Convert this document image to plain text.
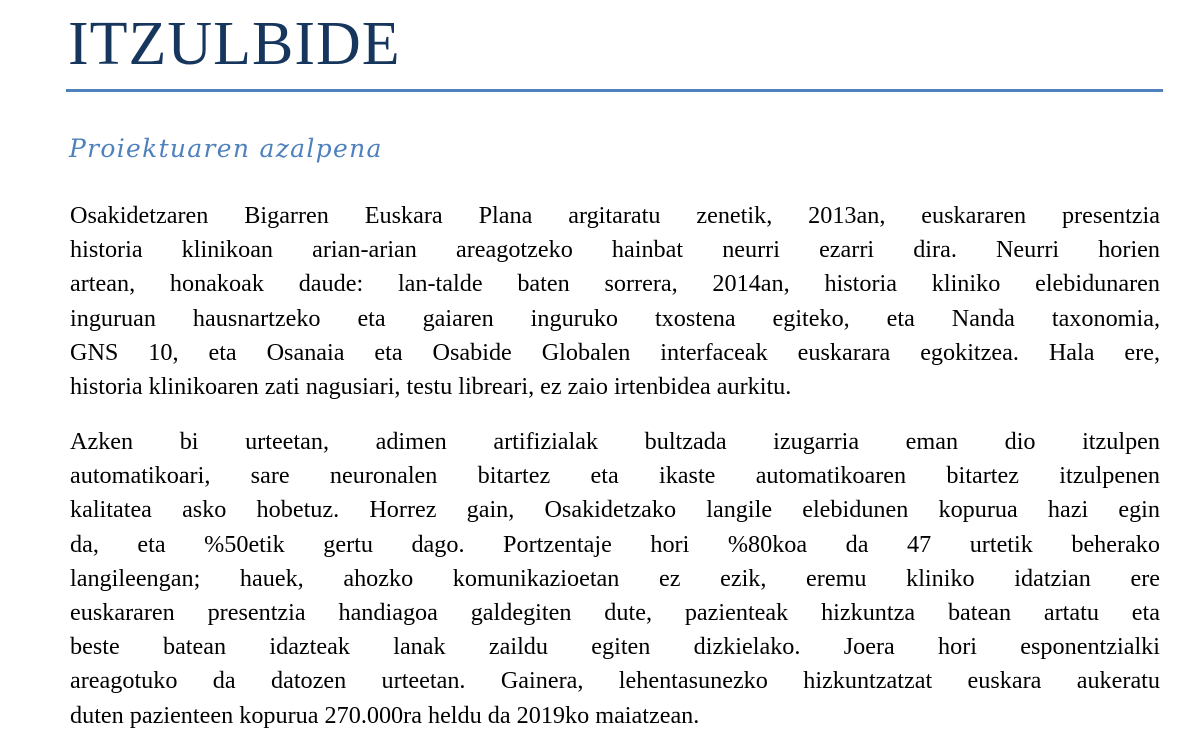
ITZULBIDE
Proiektuaren azalpena

Osakidetzaren Bigarren Euskara Plana argitaratu zenetik, 2013an, euskararen presentzia
historia klinikoan arian-arian areagotzeko hainbat neurri ezarri dira. Neurri horien
artean, honakoak daude: lan-talde baten sorrera, 2014an, historia kliniko elebidunaren
inguruan hausnartzeko eta gaiaren inguruko txostena egiteko, eta Nanda taxonomia,
GNS 10, eta Osanaia eta Osabide Globalen interfaceak euskarara egokitzea. Hala ere,
historia klinikoaren zati nagusiari, testu libreari, ez zaio irtenbidea aurkitu.

Azken bi urteetan, adimen artifizialak bultzada izugarria eman dio itzulpen
automatikoari, sare neuronalen bitartez eta ikaste automatikoaren bitartez itzulpenen
kalitatea asko hobetuz. Horrez gain, Osakidetzako langile elebidunen kopurua hazi egin
da, eta %50etik gertu dago. Portzentaje hori %80koa da 47 urtetik beherako
langileengan; hauek, ahozko komunikazioetan ez ezik, eremu kliniko idatzian ere
euskararen presentzia handiagoa galdegiten dute, pazienteak hizkuntza batean artatu eta
beste batean idazteak lanak zaildu egiten dizkielako. Joera hori esponentzialki
areagotuko da datozen urteetan. Gainera, lehentasunezko hizkuntzatzat euskara aukeratu
duten pazienteen kopurua 270.000ra heldu da 2019ko maiatzean.
